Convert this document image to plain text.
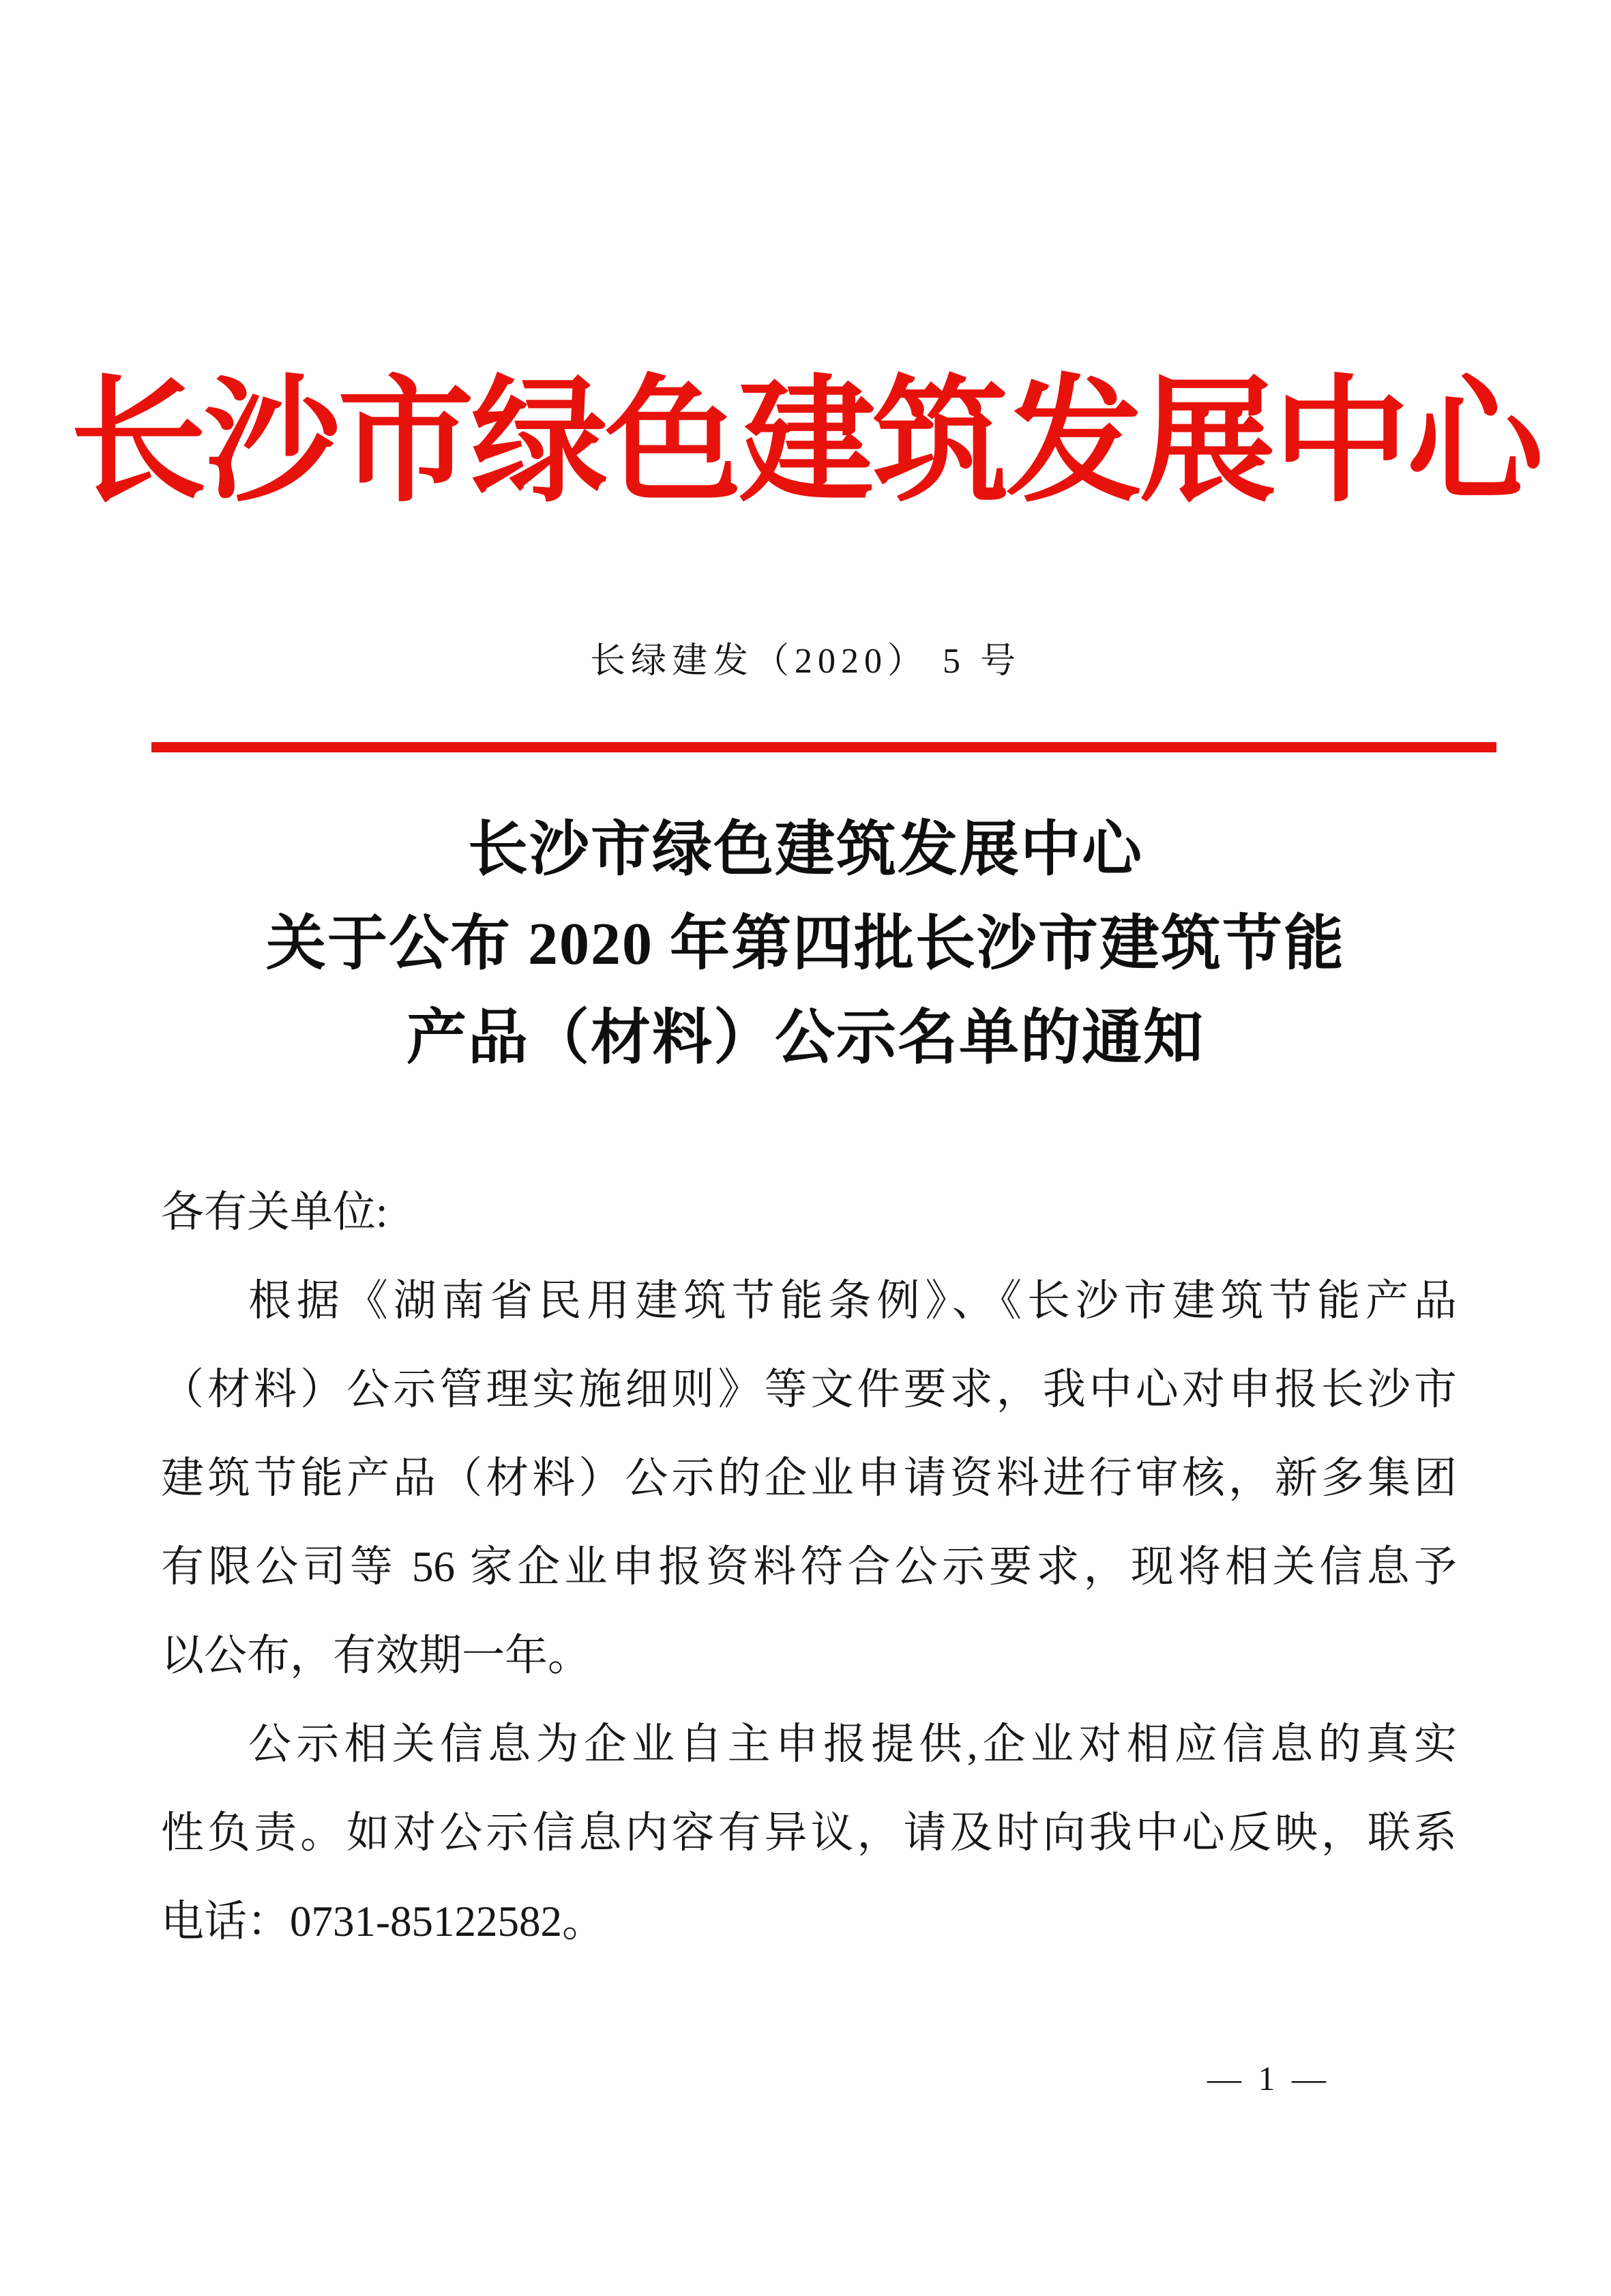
长沙市绿色建筑发展中心
长绿建发（2020） 5 号
长沙市绿色建筑发展中心
关于公布 2020 年第四批长沙市建筑节能
产品（材料）公示名单的通知
各有关单位:
根据《湖南省民用建筑节能条例》、《长沙市建筑节能产品
（材料）公示管理实施细则》等文件要求，我中心对申报长沙市
建筑节能产品（材料）公示的企业申请资料进行审核，新多集团
有限公司等 56 家企业申报资料符合公示要求，现将相关信息予
以公布，有效期一年。
公示相关信息为企业自主申报提供,企业对相应信息的真实
性负责。如对公示信息内容有异议，请及时向我中心反映，联系
电话：0731-85122582。
— 1 —
